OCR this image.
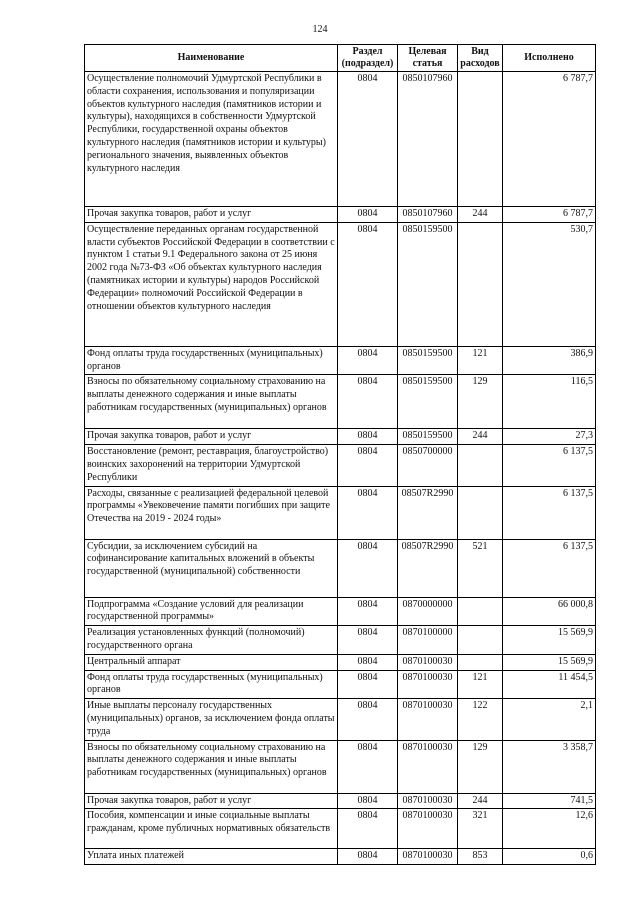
124
Наименование	Раздел (подраздел)	Целевая статья	Вид расходов	Исполнено
Осуществление полномочий Удмуртской Республики в области сохранения, использования и популяризации объектов культурного наследия (памятников истории и культуры), находящихся в собственности Удмуртской Республики, государственной охраны объектов культурного наследия (памятников истории и культуры) регионального значения, выявленных объектов культурного наследия	0804	0850107960		6 787,7
Прочая закупка товаров, работ и услуг	0804	0850107960	244	6 787,7
Осуществление переданных органам государственной власти субъектов Российской Федерации в соответствии с пунктом 1 статьи 9.1 Федерального закона от 25 июня 2002 года №73-ФЗ «Об объектах культурного наследия (памятниках истории и культуры) народов Российской Федерации» полномочий Российской Федерации в отношении объектов культурного наследия	0804	0850159500		530,7
Фонд оплаты труда государственных (муниципальных) органов	0804	0850159500	121	386,9
Взносы по обязательному социальному страхованию на выплаты денежного содержания и иные выплаты работникам государственных (муниципальных) органов	0804	0850159500	129	116,5
Прочая закупка товаров, работ и услуг	0804	0850159500	244	27,3
Восстановление (ремонт, реставрация, благоустройство) воинских захоронений на территории Удмуртской Республики	0804	0850700000		6 137,5
Расходы, связанные с реализацией федеральной целевой программы «Увековечение памяти погибших при защите Отечества на 2019 - 2024 годы»	0804	08507R2990		6 137,5
Субсидии, за исключением субсидий на софинансирование капитальных вложений в объекты государственной (муниципальной) собственности	0804	08507R2990	521	6 137,5
Подпрограмма «Создание условий для реализации государственной программы»	0804	0870000000		66 000,8
Реализация установленных функций (полномочий) государственного органа	0804	0870100000		15 569,9
Центральный аппарат	0804	0870100030		15 569,9
Фонд оплаты труда государственных (муниципальных) органов	0804	0870100030	121	11 454,5
Иные выплаты персоналу государственных (муниципальных) органов, за исключением фонда оплаты труда	0804	0870100030	122	2,1
Взносы по обязательному социальному страхованию на выплаты денежного содержания и иные выплаты работникам государственных (муниципальных) органов	0804	0870100030	129	3 358,7
Прочая закупка товаров, работ и услуг	0804	0870100030	244	741,5
Пособия, компенсации и иные социальные выплаты гражданам, кроме публичных нормативных обязательств	0804	0870100030	321	12,6
Уплата иных платежей	0804	0870100030	853	0,6
